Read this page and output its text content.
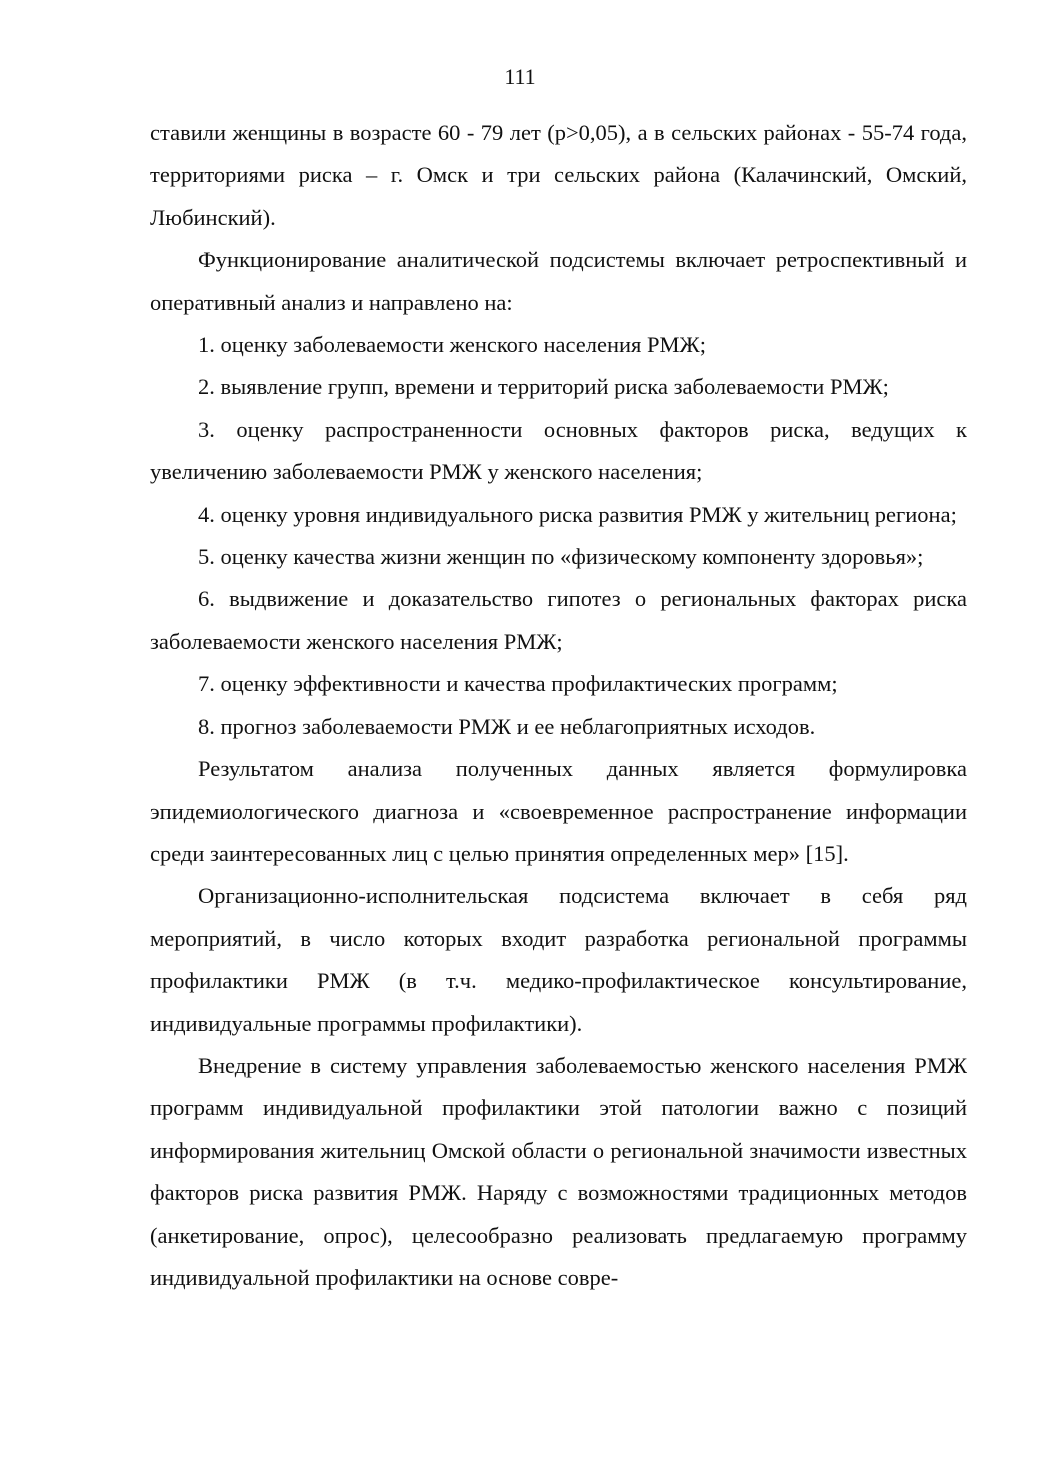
111

ставили женщины в возрасте 60 - 79 лет (р>0,05), а в сельских районах - 55-74 года, территориями риска – г. Омск и три сельских района (Калачинский, Омский, Любинский).

Функционирование аналитической подсистемы включает ретроспективный и оперативный анализ и направлено на:

1. оценку заболеваемости женского населения РМЖ;

2. выявление групп, времени и территорий риска заболеваемости РМЖ;

3. оценку распространенности основных факторов риска, ведущих к увеличению заболеваемости РМЖ у женского населения;

4. оценку уровня индивидуального риска развития РМЖ у жительниц региона;

5. оценку качества жизни женщин по «физическому компоненту здоровья»;

6. выдвижение и доказательство гипотез о региональных факторах риска заболеваемости женского населения РМЖ;

7. оценку эффективности и качества профилактических программ;

8. прогноз заболеваемости РМЖ и ее неблагоприятных исходов.

Результатом анализа полученных данных является формулировка эпидемиологического диагноза и «своевременное распространение информации среди заинтересованных лиц с целью принятия определенных мер» [15].

Организационно-исполнительская подсистема включает в себя ряд мероприятий, в число которых входит разработка региональной программы профилактики РМЖ (в т.ч. медико-профилактическое консультирование, индивидуальные программы профилактики).

Внедрение в систему управления заболеваемостью женского населения РМЖ программ индивидуальной профилактики этой патологии важно с позиций информирования жительниц Омской области о региональной значимости известных факторов риска развития РМЖ. Наряду с возможностями традиционных методов (анкетирование, опрос), целесообразно реализовать предлагаемую программу индивидуальной профилактики на основе совре-
